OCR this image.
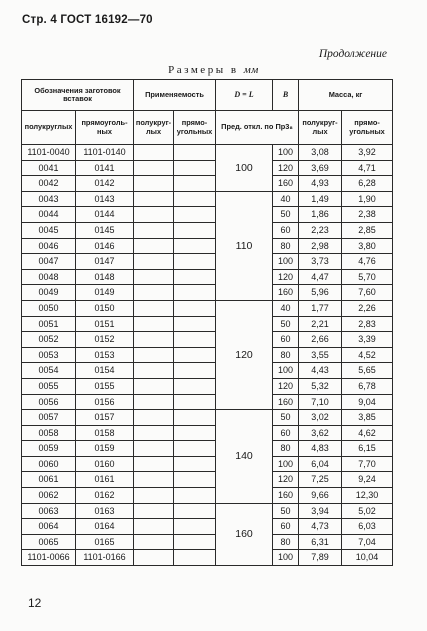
Стр. 4 ГОСТ 16192—70
Продолжение
Размеры в мм
Обозначения заготовок вставок		Применяемость		D = L	B	Масса, кг	
полукруглых	прямоуголь-ных	полукруг-лых	прямо-угольных	Пред. откл. по Пр3₈		полукруг-лых	прямо-угольных
1101-0040	1101-0140			100	100	3,08	3,92
0041	0141				120	3,69	4,71
0042	0142				160	4,93	6,28
0043	0143			110	40	1,49	1,90
0044	0144				50	1,86	2,38
0045	0145				60	2,23	2,85
0046	0146				80	2,98	3,80
0047	0147				100	3,73	4,76
0048	0148				120	4,47	5,70
0049	0149				160	5,96	7,60
0050	0150			120	40	1,77	2,26
0051	0151				50	2,21	2,83
0052	0152				60	2,66	3,39
0053	0153				80	3,55	4,52
0054	0154				100	4,43	5,65
0055	0155				120	5,32	6,78
0056	0156				160	7,10	9,04
0057	0157			140	50	3,02	3,85
0058	0158				60	3,62	4,62
0059	0159				80	4,83	6,15
0060	0160				100	6,04	7,70
0061	0161				120	7,25	9,24
0062	0162				160	9,66	12,30
0063	0163			160	50	3,94	5,02
0064	0164				60	4,73	6,03
0065	0165				80	6,31	7,04
1101-0066	1101-0166				100	7,89	10,04
12
